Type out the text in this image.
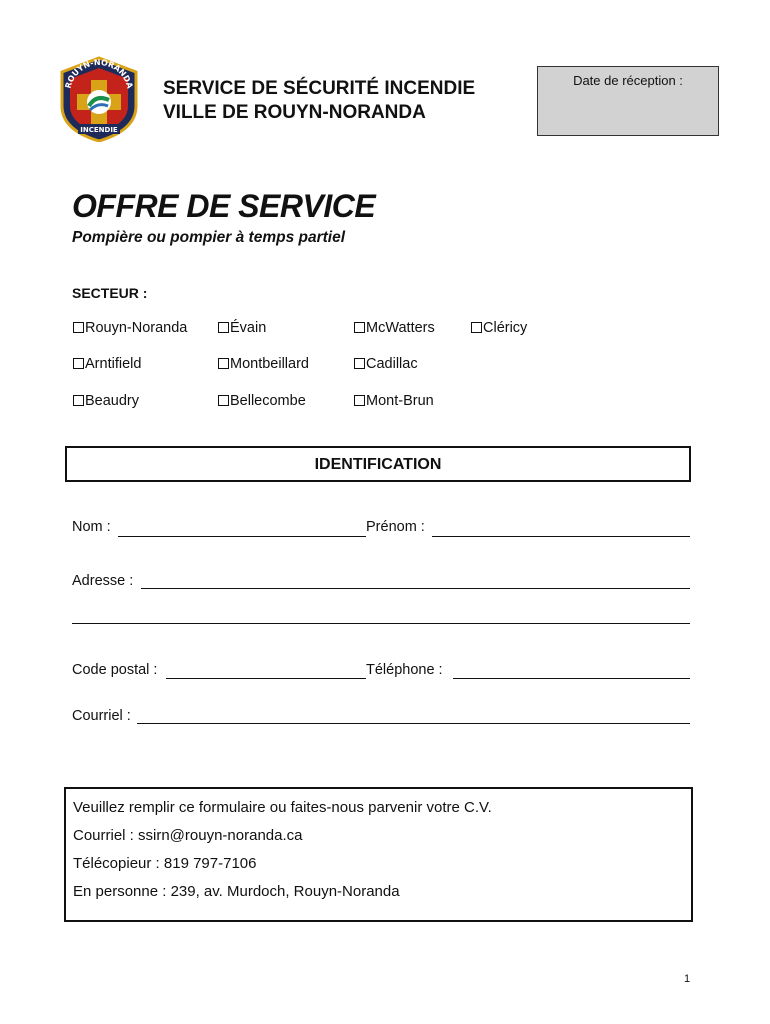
ROUYN-NORANDA
INCENDIE
SERVICE DE SÉCURITÉ INCENDIE
VILLE DE ROUYN-NORANDA
Date de réception :
OFFRE DE SERVICE
Pompière ou pompier à temps partiel
SECTEUR :
Rouyn-Noranda	Évain	McWatters	Cléricy
Arntifield	Montbeillard	Cadillac
Beaudry	Bellecombe	Mont-Brun
IDENTIFICATION
Nom :	Prénom :
Adresse :
Code postal :	Téléphone :
Courriel :
Veuillez remplir ce formulaire ou faites-nous parvenir votre C.V.
Courriel : ssirn@rouyn-noranda.ca
Télécopieur : 819 797-7106
En personne : 239, av. Murdoch, Rouyn-Noranda
1
